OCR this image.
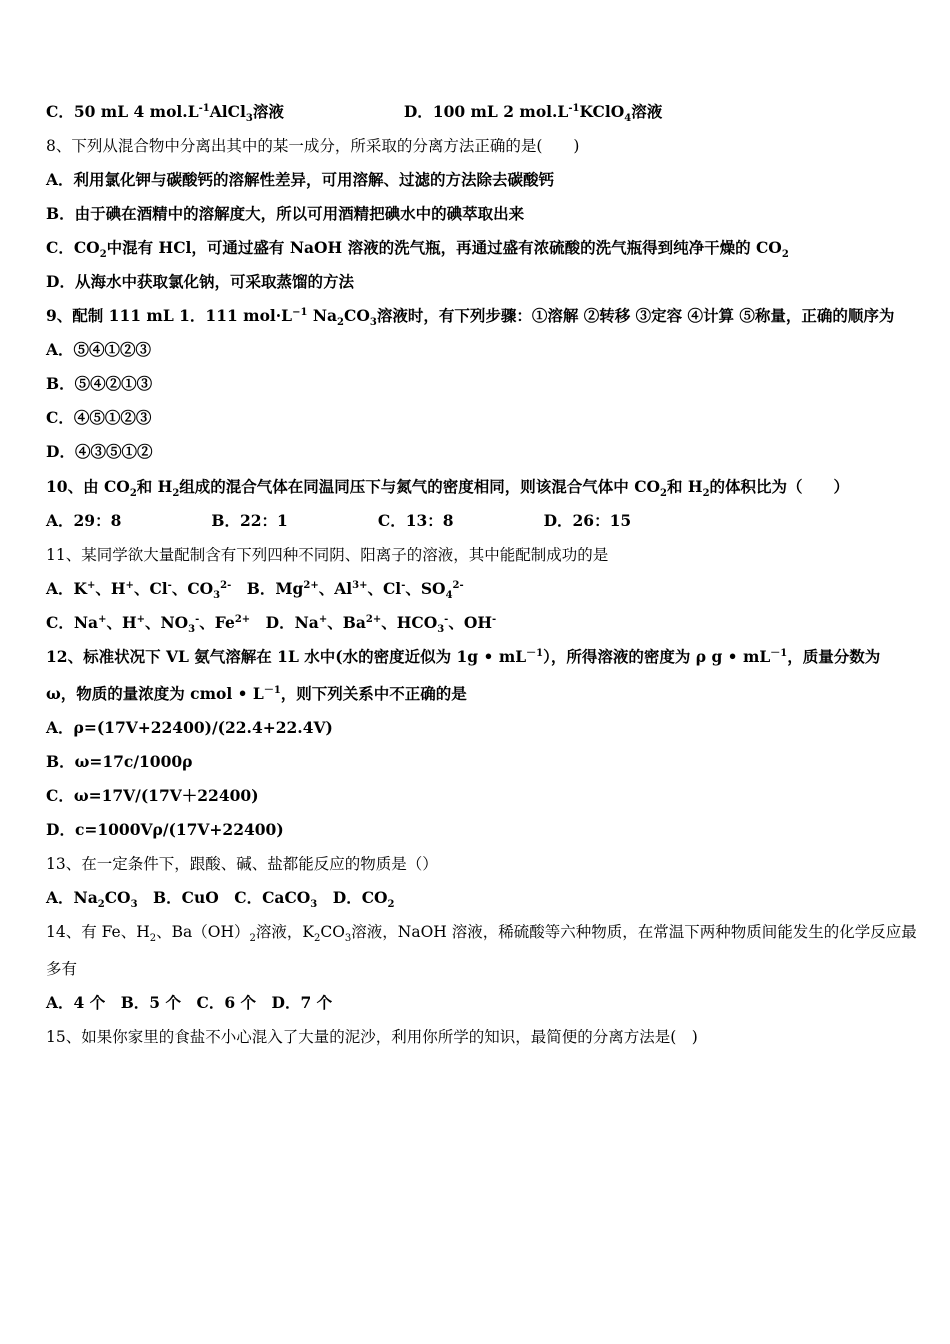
C．50 mL 4 $mol.L^{-1}AlCl_3$溶液	D．100 mL 2 $mol.L^{-1}KClO_4$溶液
8、下列从混合物中分离出其中的某一成分，所采取的分离方法正确的是(　　)
A．利用氯化钾与碳酸钙的溶解性差异，可用溶解、过滤的方法除去碳酸钙
B．由于碘在酒精中的溶解度大，所以可用酒精把碘水中的碘萃取出来
C．$CO_2$中混有 HCl，可通过盛有 NaOH 溶液的洗气瓶，再通过盛有浓硫酸的洗气瓶得到纯净干燥的 $CO_2$
D．从海水中获取氯化钠，可采取蒸馏的方法
9、配制 111 mL 1．111 $mol\cdot L^{-1}$ $Na_2CO_3$溶液时，有下列步骤：①溶解 ②转移 ③定容 ④计算 ⑤称量，正确的顺序为
A．⑤④①②③
B．⑤④②①③
C．④⑤①②③
D．④③⑤①②
10、由 $CO_2$和 $H_2$组成的混合气体在同温同压下与氮气的密度相同，则该混合气体中 $CO_2$和 $H_2$的体积比为（　　）
A．29：8	B．22：1	C．13：8	D．26：15
11、某同学欲大量配制含有下列四种不同阴、阳离子的溶液，其中能配制成功的是
A．K+、H+、Cl-、$CO_3^{2-}$　B．$Mg^{2+}$、$Al^{3+}$、Cl-、$SO_4^{2-}$
C．Na+、H+、$NO_3^-$、$Fe^{2+}$　D．Na+、$Ba^{2+}$、$HCO_3^-$、OH-
12、标准状况下 VL 氨气溶解在 1L 水中(水的密度近似为 1g • $mL^{-1}$），所得溶液的密度为 ρ g • $mL^{-1}$，质量分数为
ω，物质的量浓度为 cmol • $L^{-1}$，则下列关系中不正确的是
A．ρ=(17V+22400)/(22.4+22.4V)
B．ω=17c/1000ρ
C．ω=17V/(17V＋22400)
D．c=1000Vρ/(17V+22400)
13、在一定条件下，跟酸、碱、盐都能反应的物质是（）
A．$Na_2CO_3$　B．CuO　C．CaCO$_3$　D．$CO_2$
14、有 Fe、$H_2$、$Ba(OH)_2$溶液，$K_2CO_3$溶液，NaOH 溶液，稀硫酸等六种物质，在常温下两种物质间能发生的化学反应最
多有
A．4 个　B．5 个　C．6 个　D．7 个
15、如果你家里的食盐不小心混入了大量的泥沙，利用你所学的知识，最简便的分离方法是(　)
